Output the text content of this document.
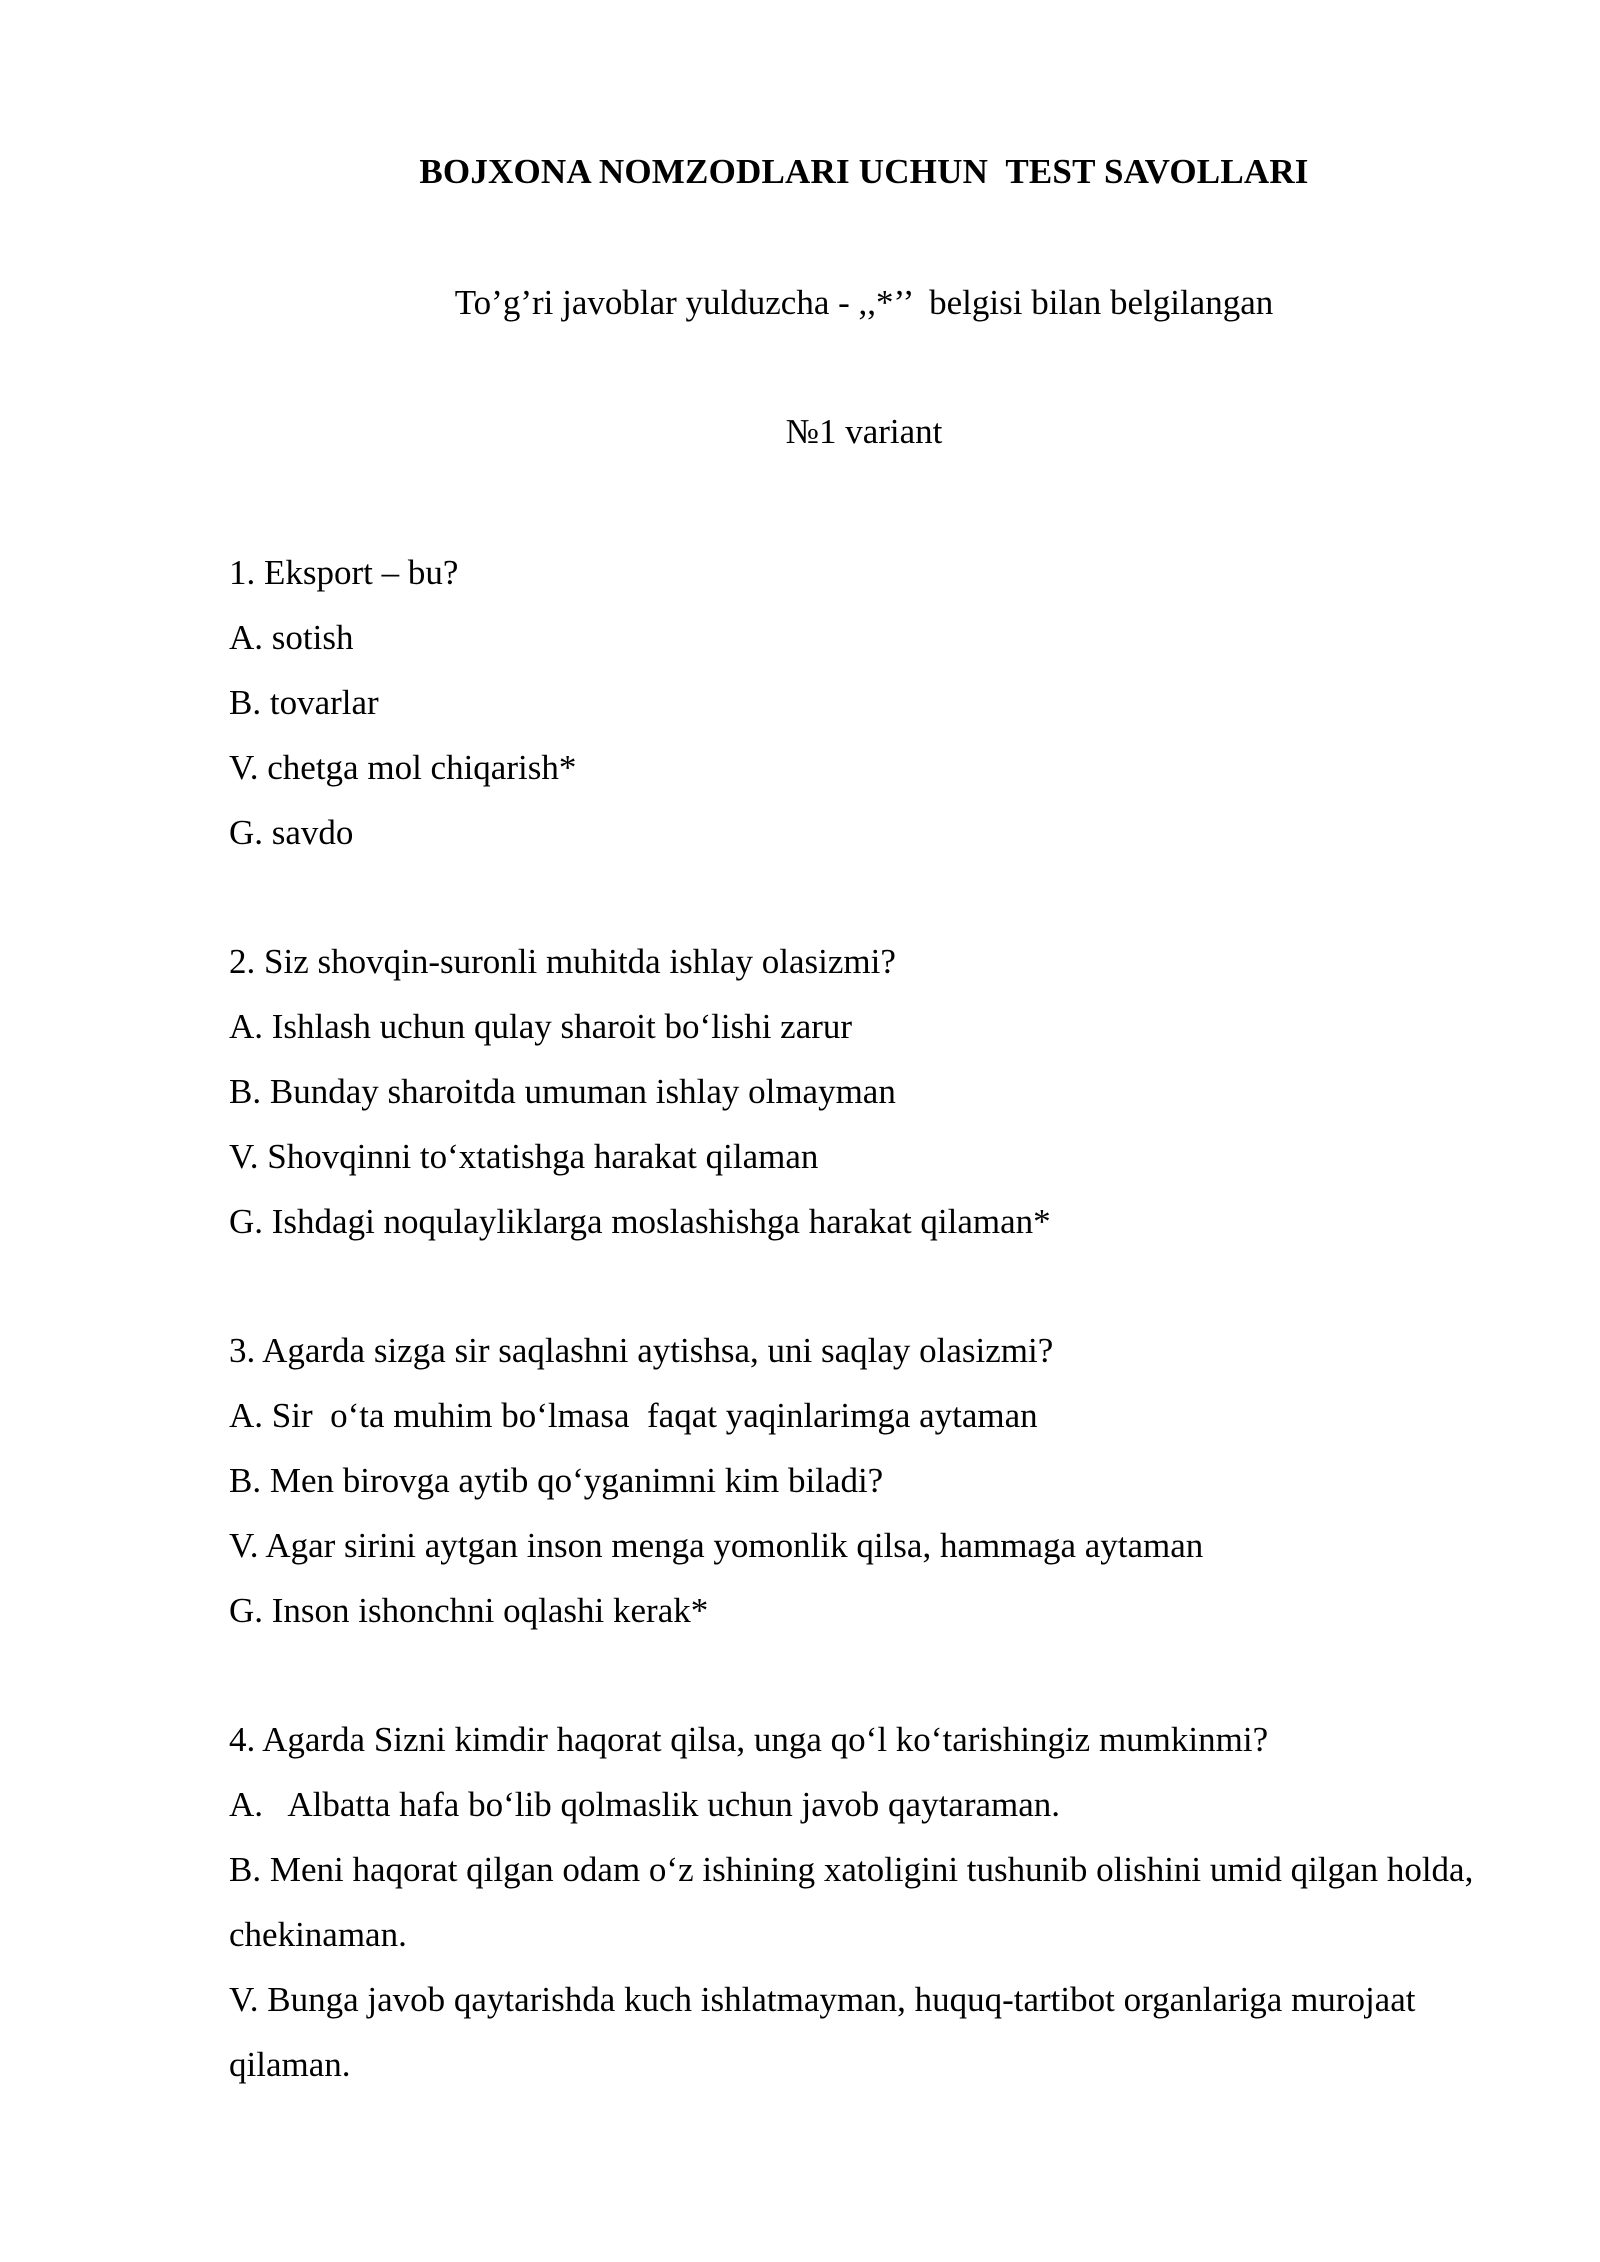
BOJXONA NOMZODLARI UCHUN  TEST SAVOLLARI
To’g’ri javoblar yulduzcha - ,,*’’  belgisi bilan belgilangan
№1 variant
1. Eksport – bu?
A. sotish
B. tovarlar
V. chetga mol chiqarish*
G. savdo
2. Siz shovqin-suronli muhitda ishlay olasizmi?
A. Ishlash uchun qulay sharoit boʻlishi zarur
B. Bunday sharoitda umuman ishlay olmayman
V. Shovqinni toʻxtatishga harakat qilaman
G. Ishdagi noqulayliklarga moslashishga harakat qilaman*
3. Agarda sizga sir saqlashni aytishsa, uni saqlay olasizmi?
A. Sir  oʻta muhim boʻlmasa  faqat yaqinlarimga aytaman
B. Men birovga aytib qoʻyganimni kim biladi?
V. Agar sirini aytgan inson menga yomonlik qilsa, hammaga aytaman
G. Inson ishonchni oqlashi kerak*
4. Agarda Sizni kimdir haqorat qilsa, unga qoʻl koʻtarishingiz mumkinmi?
A.   Albatta hafa boʻlib qolmaslik uchun javob qaytaraman.
B. Meni haqorat qilgan odam oʻz ishining xatoligini tushunib olishini umid qilgan holda, chekinaman.
V. Bunga javob qaytarishda kuch ishlatmayman, huquq-tartibot organlariga murojaat qilaman.
